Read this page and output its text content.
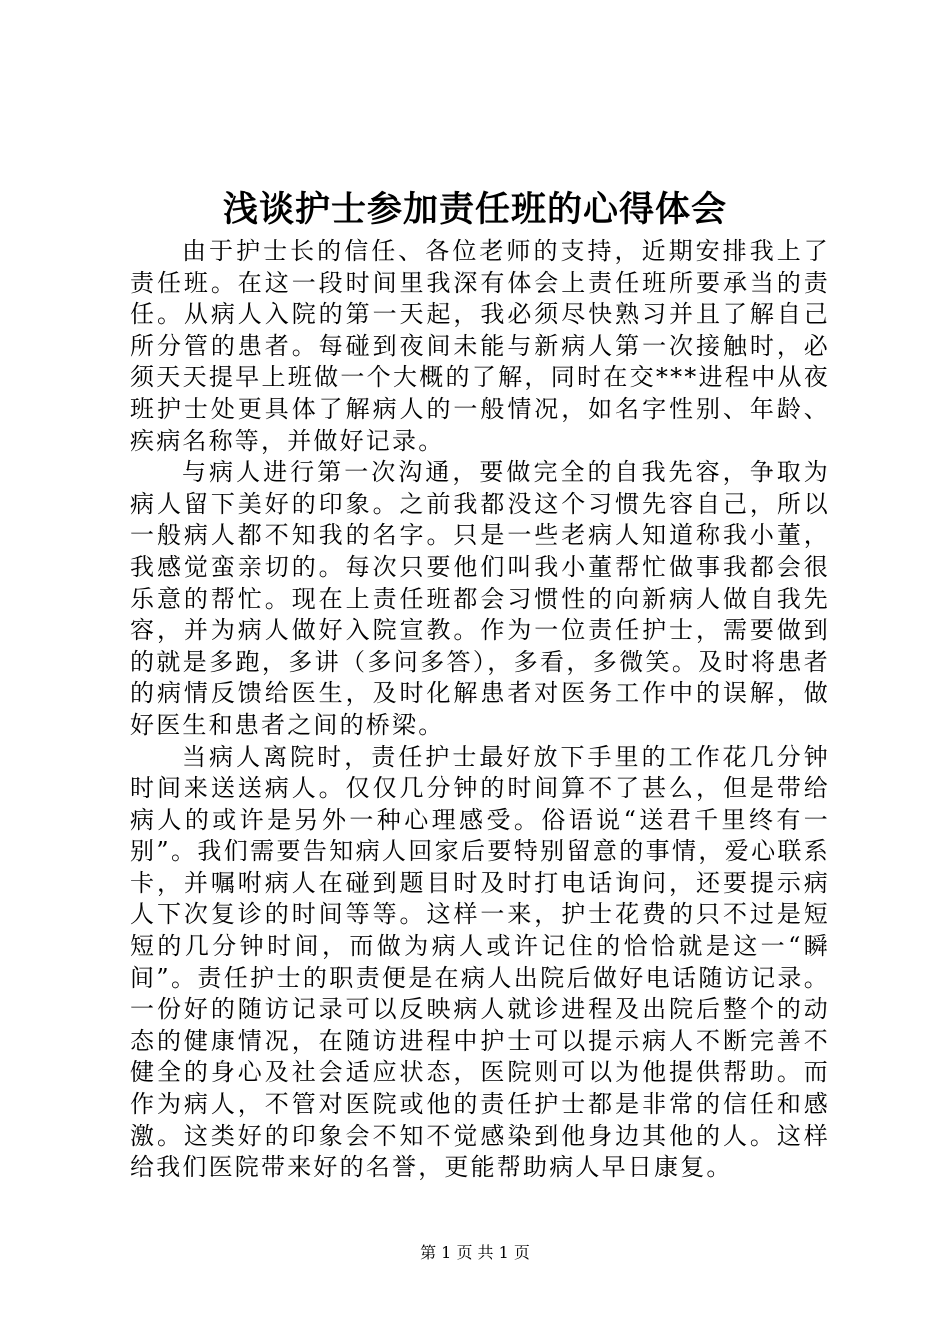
浅谈护士参加责任班的心得体会

由于护士长的信任、各位老师的支持，近期安排我上了责任班。在这一段时间里我深有体会上责任班所要承当的责任。从病人入院的第一天起，我必须尽快熟习并且了解自己所分管的患者。每碰到夜间未能与新病人第一次接触时，必须天天提早上班做一个大概的了解，同时在交***进程中从夜班护士处更具体了解病人的一般情况，如名字性别、年龄、疾病名称等，并做好记录。

与病人进行第一次沟通，要做完全的自我先容，争取为病人留下美好的印象。之前我都没这个习惯先容自己，所以一般病人都不知我的名字。只是一些老病人知道称我小董，我感觉蛮亲切的。每次只要他们叫我小董帮忙做事我都会很乐意的帮忙。现在上责任班都会习惯性的向新病人做自我先容，并为病人做好入院宣教。作为一位责任护士，需要做到的就是多跑，多讲（多问多答），多看，多微笑。及时将患者的病情反馈给医生，及时化解患者对医务工作中的误解，做好医生和患者之间的桥梁。

当病人离院时，责任护士最好放下手里的工作花几分钟时间来送送病人。仅仅几分钟的时间算不了甚么，但是带给病人的或许是另外一种心理感受。俗语说“送君千里终有一别”。我们需要告知病人回家后要特别留意的事情，爱心联系卡，并嘱咐病人在碰到题目时及时打电话询问，还要提示病人下次复诊的时间等等。这样一来，护士花费的只不过是短短的几分钟时间，而做为病人或许记住的恰恰就是这一“瞬间”。责任护士的职责便是在病人出院后做好电话随访记录。一份好的随访记录可以反映病人就诊进程及出院后整个的动态的健康情况，在随访进程中护士可以提示病人不断完善不健全的身心及社会适应状态，医院则可以为他提供帮助。而作为病人，不管对医院或他的责任护士都是非常的信任和感激。这类好的印象会不知不觉感染到他身边其他的人。这样给我们医院带来好的名誉，更能帮助病人早日康复。

第 1 页 共 1 页
